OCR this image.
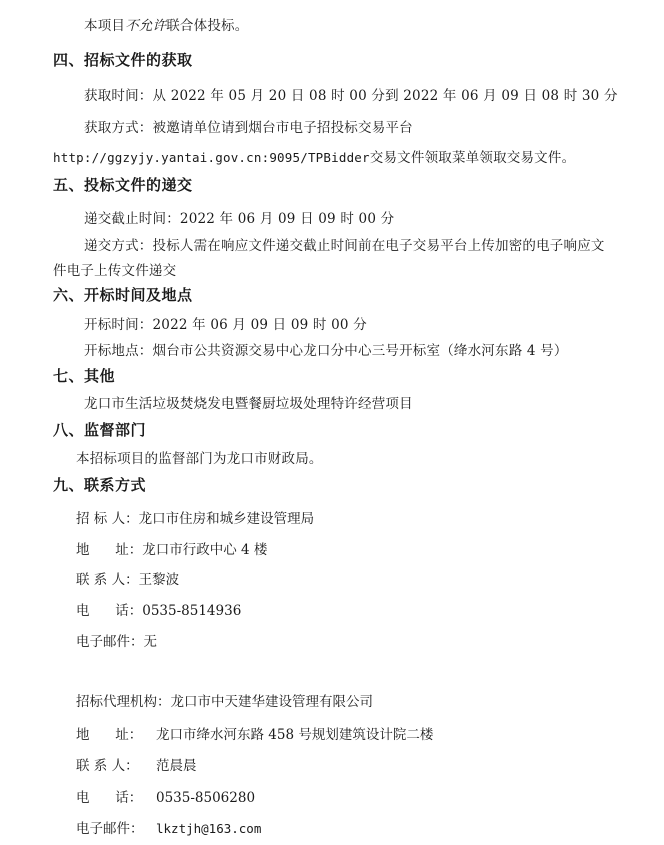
本项目不允许联合体投标。
四、招标文件的获取
获取时间：从 2022 年 05 月 20 日 08 时 00 分到 2022 年 06 月 09 日 08 时 30 分
获取方式：被邀请单位请到烟台市电子招投标交易平台
http://ggzyjy.yantai.gov.cn:9095/TPBidder交易文件领取菜单领取交易文件。
五、投标文件的递交
递交截止时间：2022 年 06 月 09 日 09 时 00 分
递交方式：投标人需在响应文件递交截止时间前在电子交易平台上传加密的电子响应文
件电子上传文件递交
六、开标时间及地点
开标时间：2022 年 06 月 09 日 09 时 00 分
开标地点：烟台市公共资源交易中心龙口分中心三号开标室（绛水河东路 4 号）
七、其他
龙口市生活垃圾焚烧发电暨餐厨垃圾处理特许经营项目
八、监督部门
本招标项目的监督部门为龙口市财政局。
九、联系方式
招 标 人：龙口市住房和城乡建设管理局
地      址：龙口市行政中心 4 楼
联 系 人：王黎波
电      话：0535-8514936
电子邮件：无
招标代理机构：龙口市中天建华建设管理有限公司
地      址： 龙口市绛水河东路 458 号规划建筑设计院二楼
联 系 人： 范晨晨
电      话： 0535-8506280
电子邮件： lkztjh@163.com
